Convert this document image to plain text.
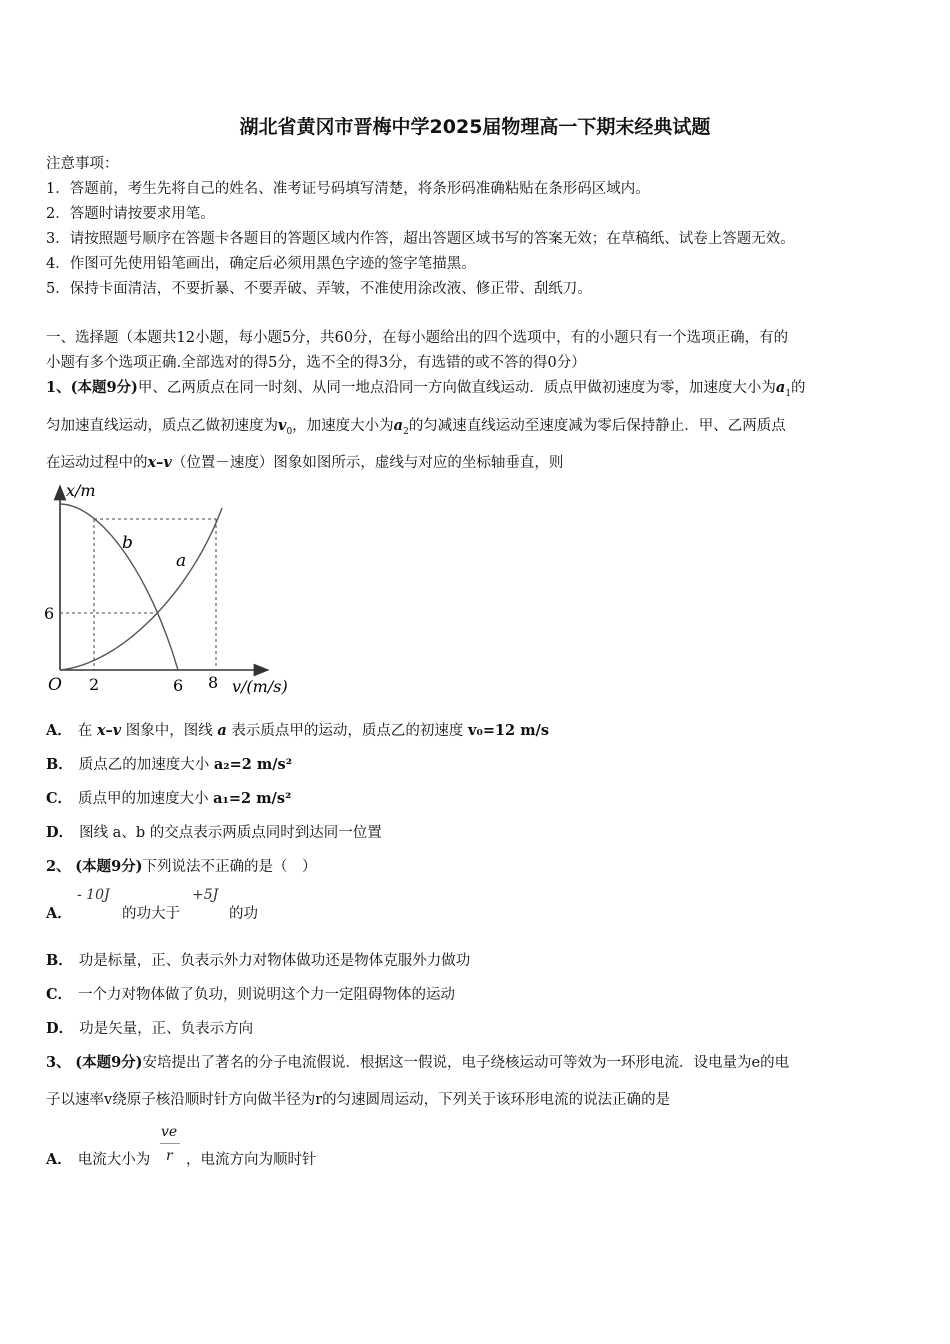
湖北省黄冈市晋梅中学2025届物理高一下期末经典试题
注意事项：
1．答题前，考生先将自己的姓名、准考证号码填写清楚，将条形码准确粘贴在条形码区域内。
2．答题时请按要求用笔。
3．请按照题号顺序在答题卡各题目的答题区域内作答，超出答题区域书写的答案无效；在草稿纸、试卷上答题无效。
4．作图可先使用铅笔画出，确定后必须用黑色字迹的签字笔描黑。
5．保持卡面清洁，不要折暴、不要弄破、弄皱，不准使用涂改液、修正带、刮纸刀。
一、选择题（本题共12小题，每小题5分，共60分，在每小题给出的四个选项中，有的小题只有一个选项正确，有的
小题有多个选项正确.全部选对的得5分，选不全的得3分，有选错的或不答的得0分）
1、(本题9分)甲、乙两质点在同一时刻、从同一地点沿同一方向做直线运动．质点甲做初速度为零，加速度大小为$a_1$的
匀加速直线运动，质点乙做初速度为$v_0$，加速度大小为$a_2$的匀减速直线运动至速度减为零后保持静止．甲、乙两质点
在运动过程中的x–v（位置－速度）图象如图所示，虚线与对应的坐标轴垂直，则
x/m
v/(m/s)
O 2	6 8
6
b
a
A． 在 x–v 图象中，图线 a 表示质点甲的运动，质点乙的初速度 v₀=12 m/s
B． 质点乙的加速度大小 a₂=2 m/s²
C． 质点甲的加速度大小 a₁=2 m/s²
D． 图线 a、b 的交点表示两质点同时到达同一位置
2、 (本题9分)下列说法不正确的是（　）
A．
- 10J
的功大于
+5J
的功
B． 功是标量，正、负表示外力对物体做功还是物体克服外力做功
C． 一个力对物体做了负功，则说明这个力一定阻碍物体的运动
D． 功是矢量，正、负表示方向
3、 (本题9分)安培提出了著名的分子电流假说．根据这一假说，电子绕核运动可等效为一环形电流．设电量为e的电
子以速率v绕原子核沿顺时针方向做半径为r的匀速圆周运动，下列关于该环形电流的说法正确的是
A． 电流大小为
ve
r ，电流方向为顺时针
